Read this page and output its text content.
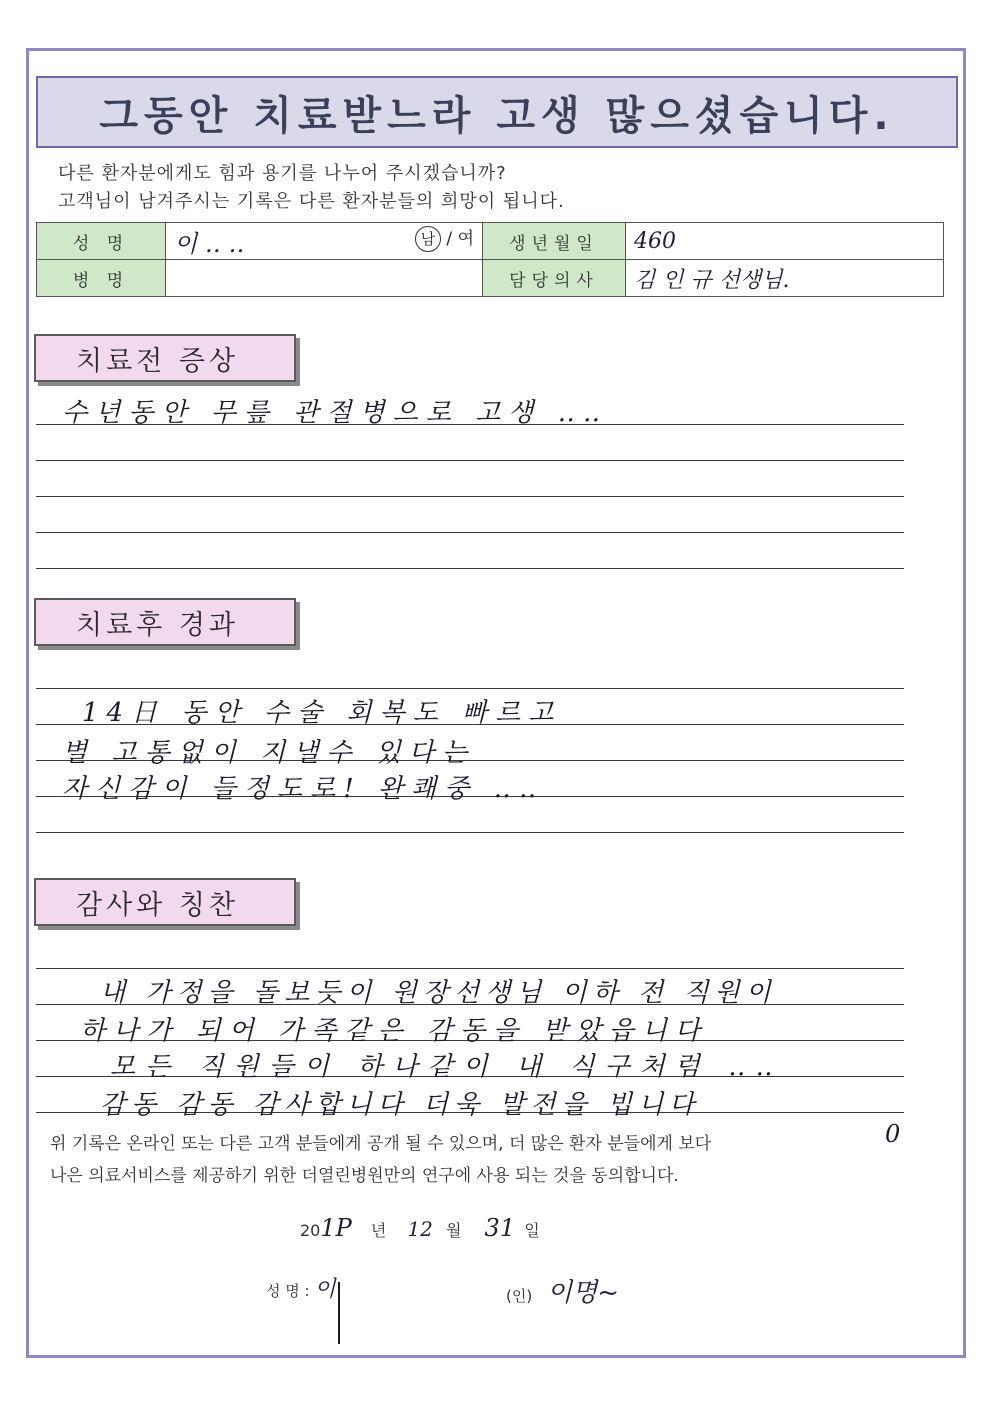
그동안 치료받느라 고생 많으셨습니다.
다른 환자분에게도 힘과 용기를 나누어 주시겠습니까?
고객님이 남겨주시는 기록은 다른 환자분들의 희망이 됩니다.
성 명	이 ‥ ‥ 남 / 여	생년월일	460
병 명		담당의사	김 인 규 선생님.
치료전 증상
수년동안 무릎 관절병으로 고생 ‥‥
치료후 경과
14日 동안 수술 회복도 빠르고
별 고통없이 지낼수 있다는
자신감이 들정도로! 완쾌중 ‥‥
감사와 칭찬
내 가정을 돌보듯이 원장선생님 이하 전 직원이
하나가 되어 가족같은 감동을 받았읍니다
모든 직원들이 하나같이 내 식구처럼 ‥‥
감동 감동 감사합니다 더욱 발전을 빕니다
위 기록은 온라인 또는 다른 고객 분들에게 공개 될 수 있으며, 더 많은 환자 분들에게 보다
나은 의료서비스를 제공하기 위한 더열린병원만의 연구에 사용 되는 것을 동의합니다.
0
201P 년 12 월 31 일
성 명 : 이	(인) 이명~
